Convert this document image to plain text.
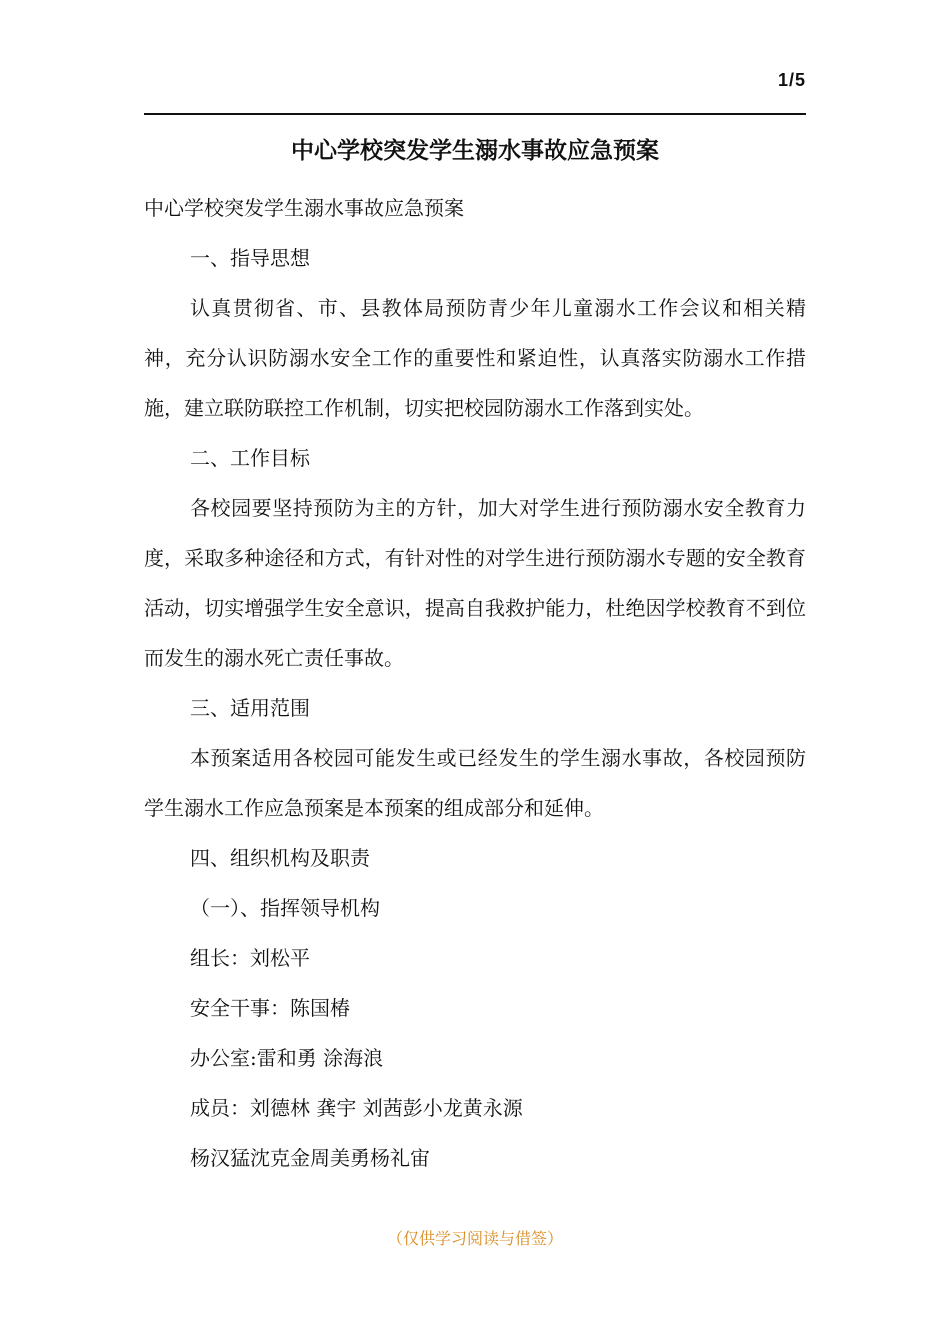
1/5
中心学校突发学生溺水事故应急预案

中心学校突发学生溺水事故应急预案

一、指导思想

认真贯彻省、市、县教体局预防青少年儿童溺水工作会议和相关精神，充分认识防溺水安全工作的重要性和紧迫性，认真落实防溺水工作措施，建立联防联控工作机制，切实把校园防溺水工作落到实处。

二、工作目标

各校园要坚持预防为主的方针，加大对学生进行预防溺水安全教育力度，采取多种途径和方式，有针对性的对学生进行预防溺水专题的安全教育活动，切实增强学生安全意识，提高自我救护能力，杜绝因学校教育不到位而发生的溺水死亡责任事故。

三、适用范围

本预案适用各校园可能发生或已经发生的学生溺水事故，各校园预防学生溺水工作应急预案是本预案的组成部分和延伸。

四、组织机构及职责

（一）、指挥领导机构

组长：刘松平

安全干事：陈国椿

办公室:雷和勇 涂海浪

成员：刘德林 龚宇 刘茜彭小龙黄永源

杨汉猛沈克金周美勇杨礼宙

（仅供学习阅读与借签）
